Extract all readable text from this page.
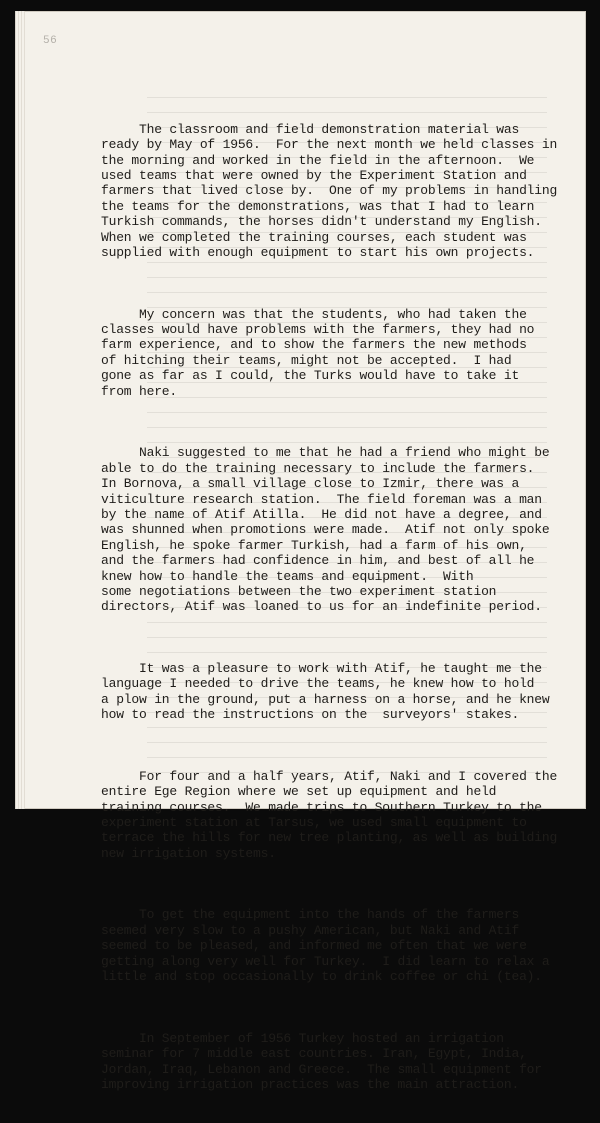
56

The classroom and field demonstration material was
ready by May of 1956.  For the next month we held classes in
the morning and worked in the field in the afternoon.  We
used teams that were owned by the Experiment Station and
farmers that lived close by.  One of my problems in handling
the teams for the demonstrations, was that I had to learn
Turkish commands, the horses didn't understand my English.
When we completed the training courses, each student was
supplied with enough equipment to start his own projects.

My concern was that the students, who had taken the
classes would have problems with the farmers, they had no
farm experience, and to show the farmers the new methods
of hitching their teams, might not be accepted.  I had
gone as far as I could, the Turks would have to take it
from here.

Naki suggested to me that he had a friend who might be
able to do the training necessary to include the farmers.
In Bornova, a small village close to Izmir, there was a
viticulture research station.  The field foreman was a man
by the name of Atif Atilla.  He did not have a degree, and
was shunned when promotions were made.  Atif not only spoke
English, he spoke farmer Turkish, had a farm of his own,
and the farmers had confidence in him, and best of all he
knew how to handle the teams and equipment.  With
some negotiations between the two experiment station
directors, Atif was loaned to us for an indefinite period.

It was a pleasure to work with Atif, he taught me the
language I needed to drive the teams, he knew how to hold
a plow in the ground, put a harness on a horse, and he knew
how to read the instructions on the  surveyors' stakes.

For four and a half years, Atif, Naki and I covered the
entire Ege Region where we set up equipment and held
training courses.  We made trips to Southern Turkey to the
experiment station at Tarsus, we used small equipment to
terrace the hills for new tree planting, as well as building
new irrigation systems.

To get the equipment into the hands of the farmers
seemed very slow to a pushy American, but Naki and Atif
seemed to be pleased, and informed me often that we were
getting along very well for Turkey.  I did learn to relax a
little and stop occasionally to drink coffee or chi (tea).

In September of 1956 Turkey hosted an irrigation
seminar for 7 middle east countries. Iran, Egypt, India,
Jordan, Iraq, Lebanon and Greece.  The small equipment for
improving irrigation practices was the main attraction.
